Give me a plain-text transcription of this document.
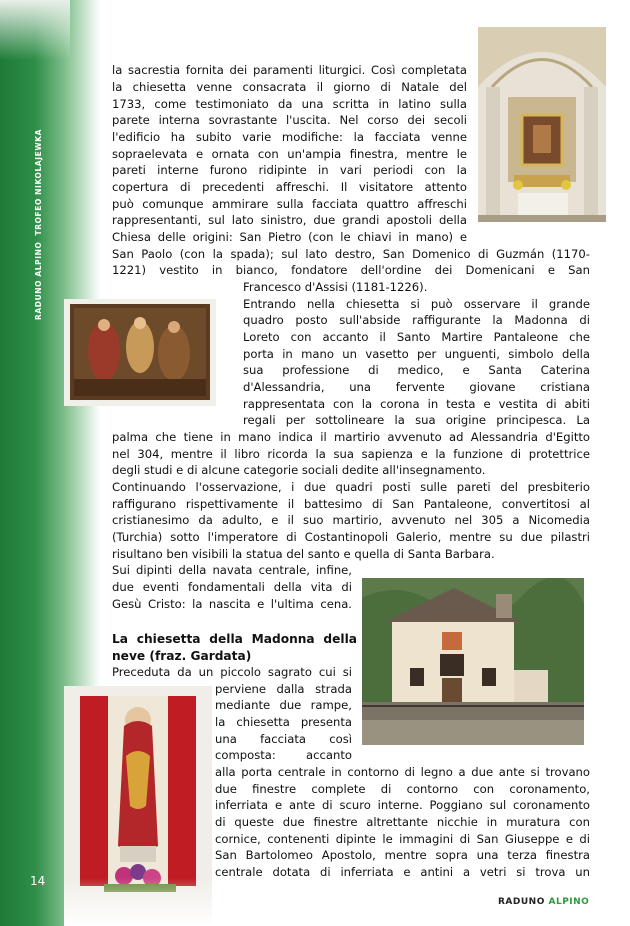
RADUNO ALPINOTROFEO NIKOLAJEWKA
14
RADUNO ALPINO

la sacrestia fornita dei paramenti liturgici. Così completata

la chiesetta venne consacrata il giorno di Natale del

1733, come testimoniato da una scritta in latino sulla

parete interna sovrastante l'uscita. Nel corso dei secoli

l'edificio ha subito varie modifiche: la facciata venne

sopraelevata e ornata con un'ampia finestra, mentre le

pareti interne furono ridipinte in vari periodi con la

copertura di precedenti affreschi. Il visitatore attento

può comunque ammirare sulla facciata quattro affreschi

rappresentanti, sul lato sinistro, due grandi apostoli della

Chiesa delle origini: San Pietro (con le chiavi in mano) e

San Paolo (con la spada); sul lato destro, San Domenico di Guzmán (1170-

1221) vestito in bianco, fondatore dell'ordine dei Domenicani e San

Francesco d'Assisi (1181-1226).

Entrando nella chiesetta si può osservare il grande

quadro posto sull'abside raffigurante la Madonna di

Loreto con accanto il Santo Martire Pantaleone che

porta in mano un vasetto per unguenti, simbolo della

sua professione di medico, e Santa Caterina

d'Alessandria, una fervente giovane cristiana

rappresentata con la corona in testa e vestita di abiti

regali per sottolineare la sua origine principesca. La

palma che tiene in mano indica il martirio avvenuto ad Alessandria d'Egitto

nel 304, mentre il libro ricorda la sua sapienza e la funzione di protettrice

degli studi e di alcune categorie sociali dedite all'insegnamento.

Continuando l'osservazione, i due quadri posti sulle pareti del presbiterio

raffigurano rispettivamente il battesimo di San Pantaleone, convertitosi al

cristianesimo da adulto, e il suo martirio, avvenuto nel 305 a Nicomedia

(Turchia) sotto l'imperatore di Costantinopoli Galerio, mentre su due pilastri

risultano ben visibili la statua del santo e quella di Santa Barbara.

Sui dipinti della navata centrale, infine,

due eventi fondamentali della vita di

Gesù Cristo: la nascita e l'ultima cena.

La chiesetta della Madonna della
neve (fraz. Gardata)

Preceduta da un piccolo sagrato cui si

perviene dalla strada

mediante due rampe,

la chiesetta presenta

una facciata così

composta: accanto

alla porta centrale in contorno di legno a due ante si trovano

due finestre complete di contorno con coronamento,

inferriata e ante di scuro interne. Poggiano sul coronamento

di queste due finestre altrettante nicchie in muratura con

cornice, contenenti dipinte le immagini di San Giuseppe e di

San Bartolomeo Apostolo, mentre sopra una terza finestra

centrale dotata di inferriata e antini a vetri si trova un
